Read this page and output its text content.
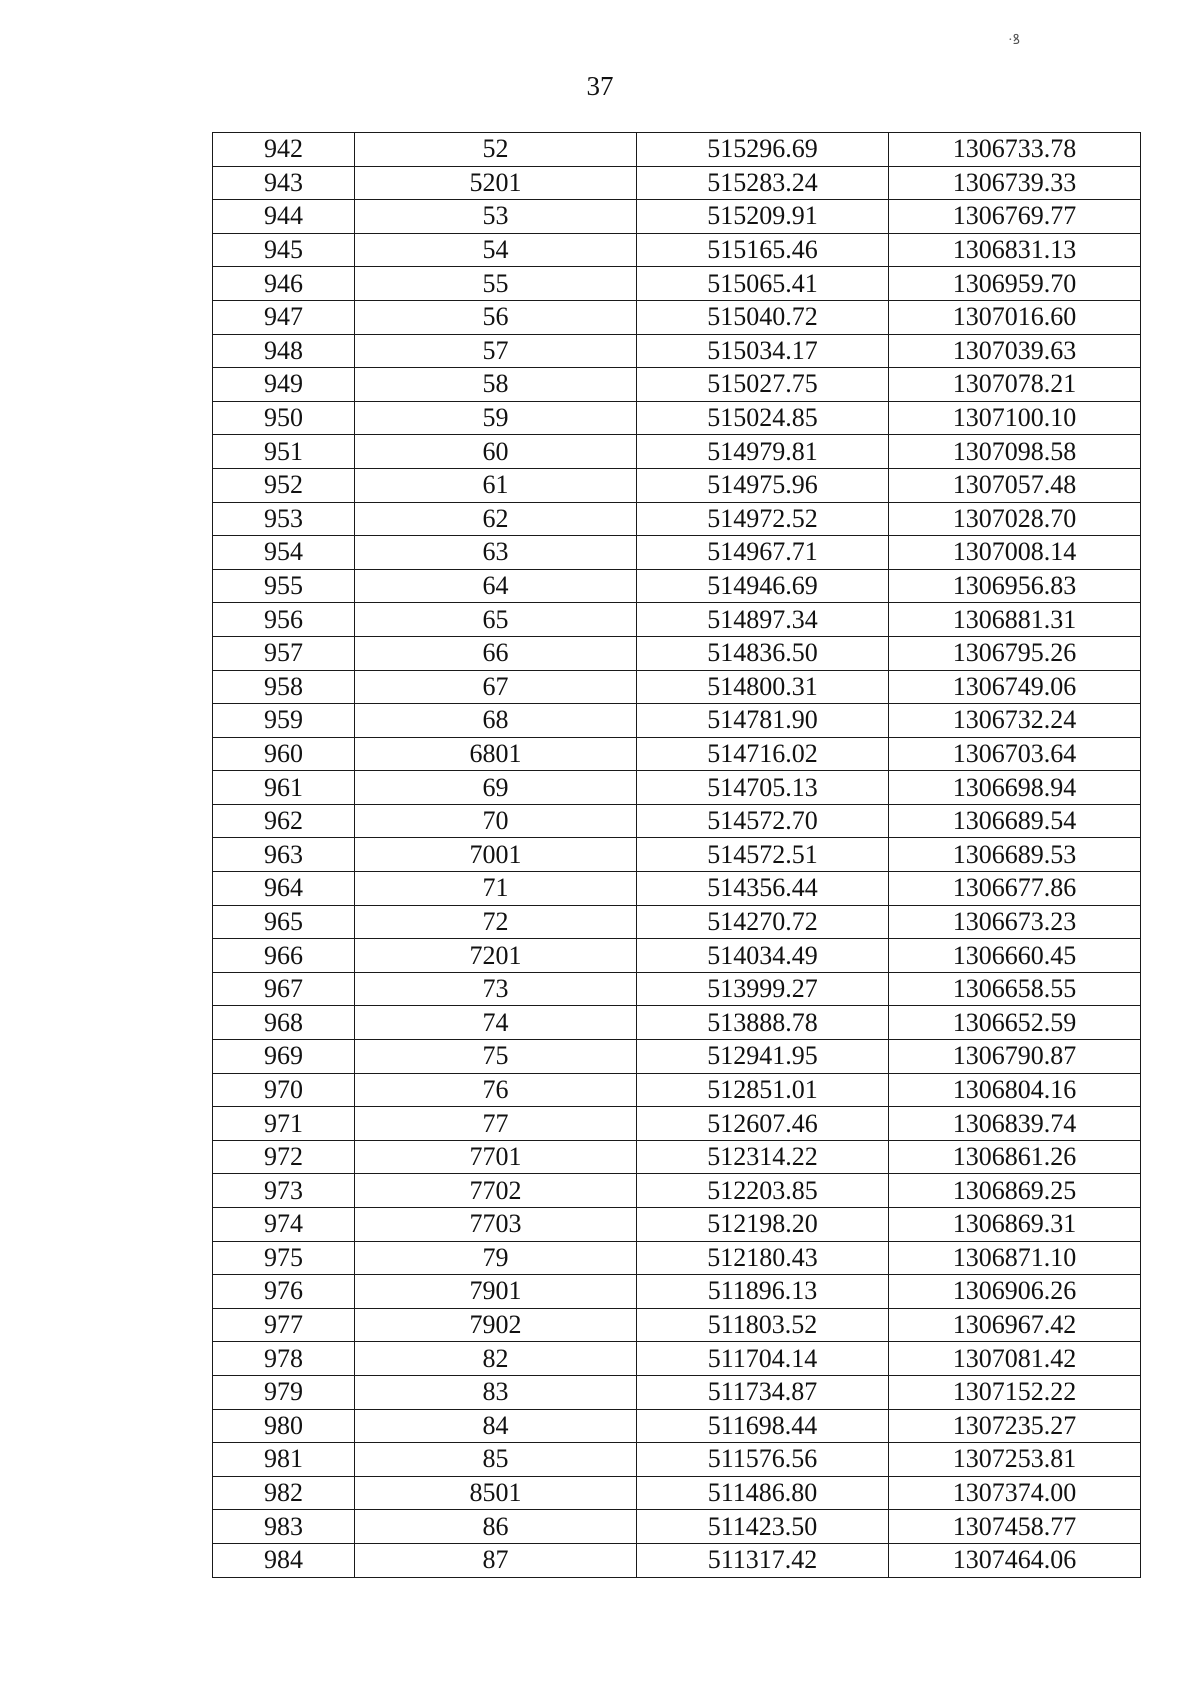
·ꝸ
37
942	52	515296.69	1306733.78
943	5201	515283.24	1306739.33
944	53	515209.91	1306769.77
945	54	515165.46	1306831.13
946	55	515065.41	1306959.70
947	56	515040.72	1307016.60
948	57	515034.17	1307039.63
949	58	515027.75	1307078.21
950	59	515024.85	1307100.10
951	60	514979.81	1307098.58
952	61	514975.96	1307057.48
953	62	514972.52	1307028.70
954	63	514967.71	1307008.14
955	64	514946.69	1306956.83
956	65	514897.34	1306881.31
957	66	514836.50	1306795.26
958	67	514800.31	1306749.06
959	68	514781.90	1306732.24
960	6801	514716.02	1306703.64
961	69	514705.13	1306698.94
962	70	514572.70	1306689.54
963	7001	514572.51	1306689.53
964	71	514356.44	1306677.86
965	72	514270.72	1306673.23
966	7201	514034.49	1306660.45
967	73	513999.27	1306658.55
968	74	513888.78	1306652.59
969	75	512941.95	1306790.87
970	76	512851.01	1306804.16
971	77	512607.46	1306839.74
972	7701	512314.22	1306861.26
973	7702	512203.85	1306869.25
974	7703	512198.20	1306869.31
975	79	512180.43	1306871.10
976	7901	511896.13	1306906.26
977	7902	511803.52	1306967.42
978	82	511704.14	1307081.42
979	83	511734.87	1307152.22
980	84	511698.44	1307235.27
981	85	511576.56	1307253.81
982	8501	511486.80	1307374.00
983	86	511423.50	1307458.77
984	87	511317.42	1307464.06
